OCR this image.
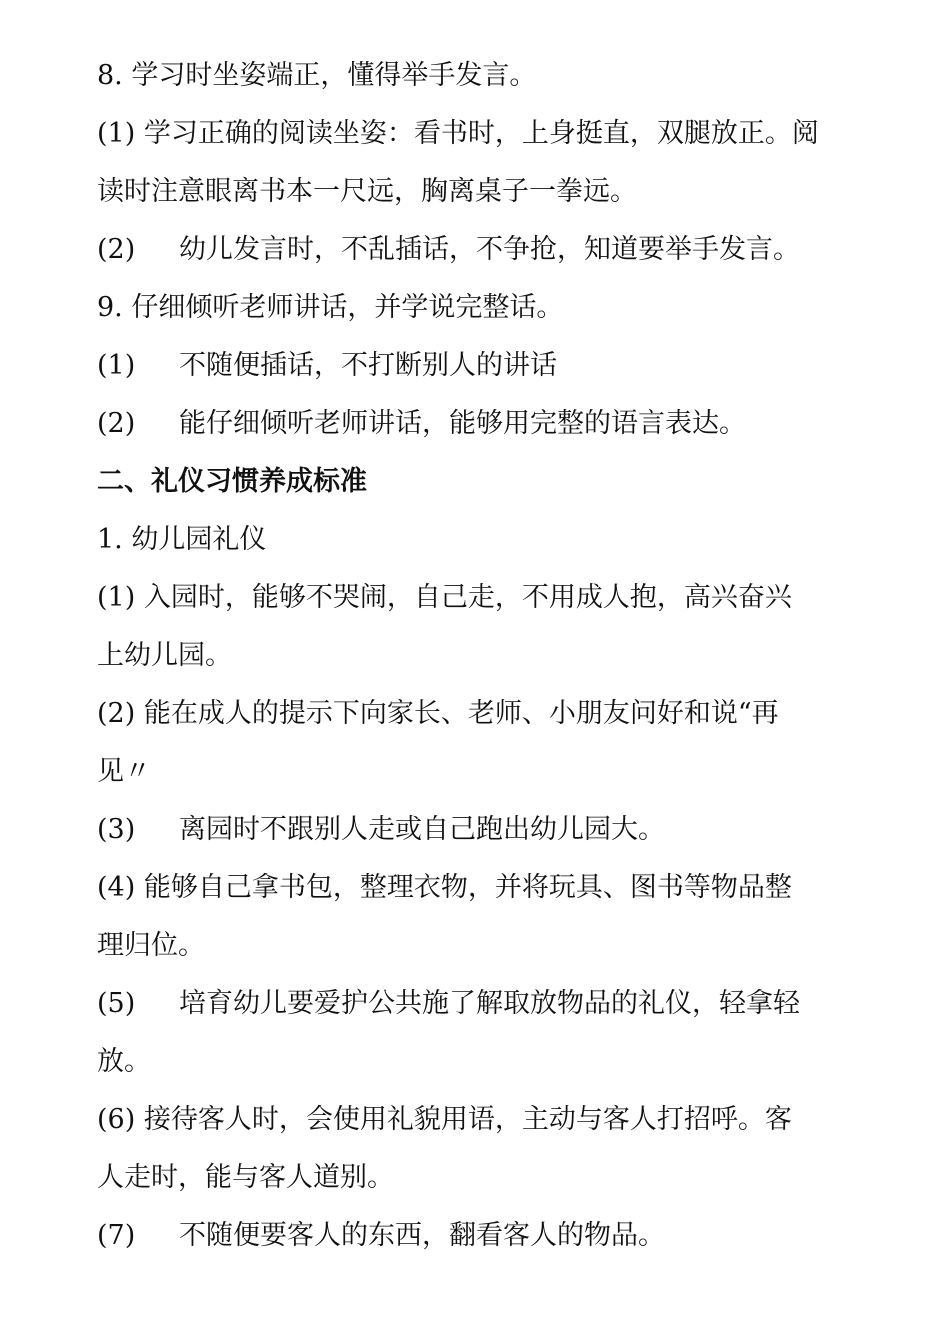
8. 学习时坐姿端正，懂得举手发言。
(1) 学习正确的阅读坐姿：看书时，上身挺直，双腿放正。阅
读时注意眼离书本一尺远，胸离桌子一拳远。
(2) 幼儿发言时，不乱插话，不争抢，知道要举手发言。
9. 仔细倾听老师讲话，并学说完整话。
(1) 不随便插话，不打断别人的讲话
(2) 能仔细倾听老师讲话，能够用完整的语言表达。
二、礼仪习惯养成标准
1. 幼儿园礼仪
(1) 入园时，能够不哭闹，自己走，不用成人抱，高兴奋兴
上幼儿园。
(2) 能在成人的提示下向家长、老师、小朋友问好和说“再
见〃
(3) 离园时不跟别人走或自己跑出幼儿园大。
(4) 能够自己拿书包，整理衣物，并将玩具、图书等物品整
理归位。
(5) 培育幼儿要爱护公共施了解取放物品的礼仪，轻拿轻
放。
(6) 接待客人时，会使用礼貌用语，主动与客人打招呼。客
人走时，能与客人道别。
(7) 不随便要客人的东西，翻看客人的物品。
